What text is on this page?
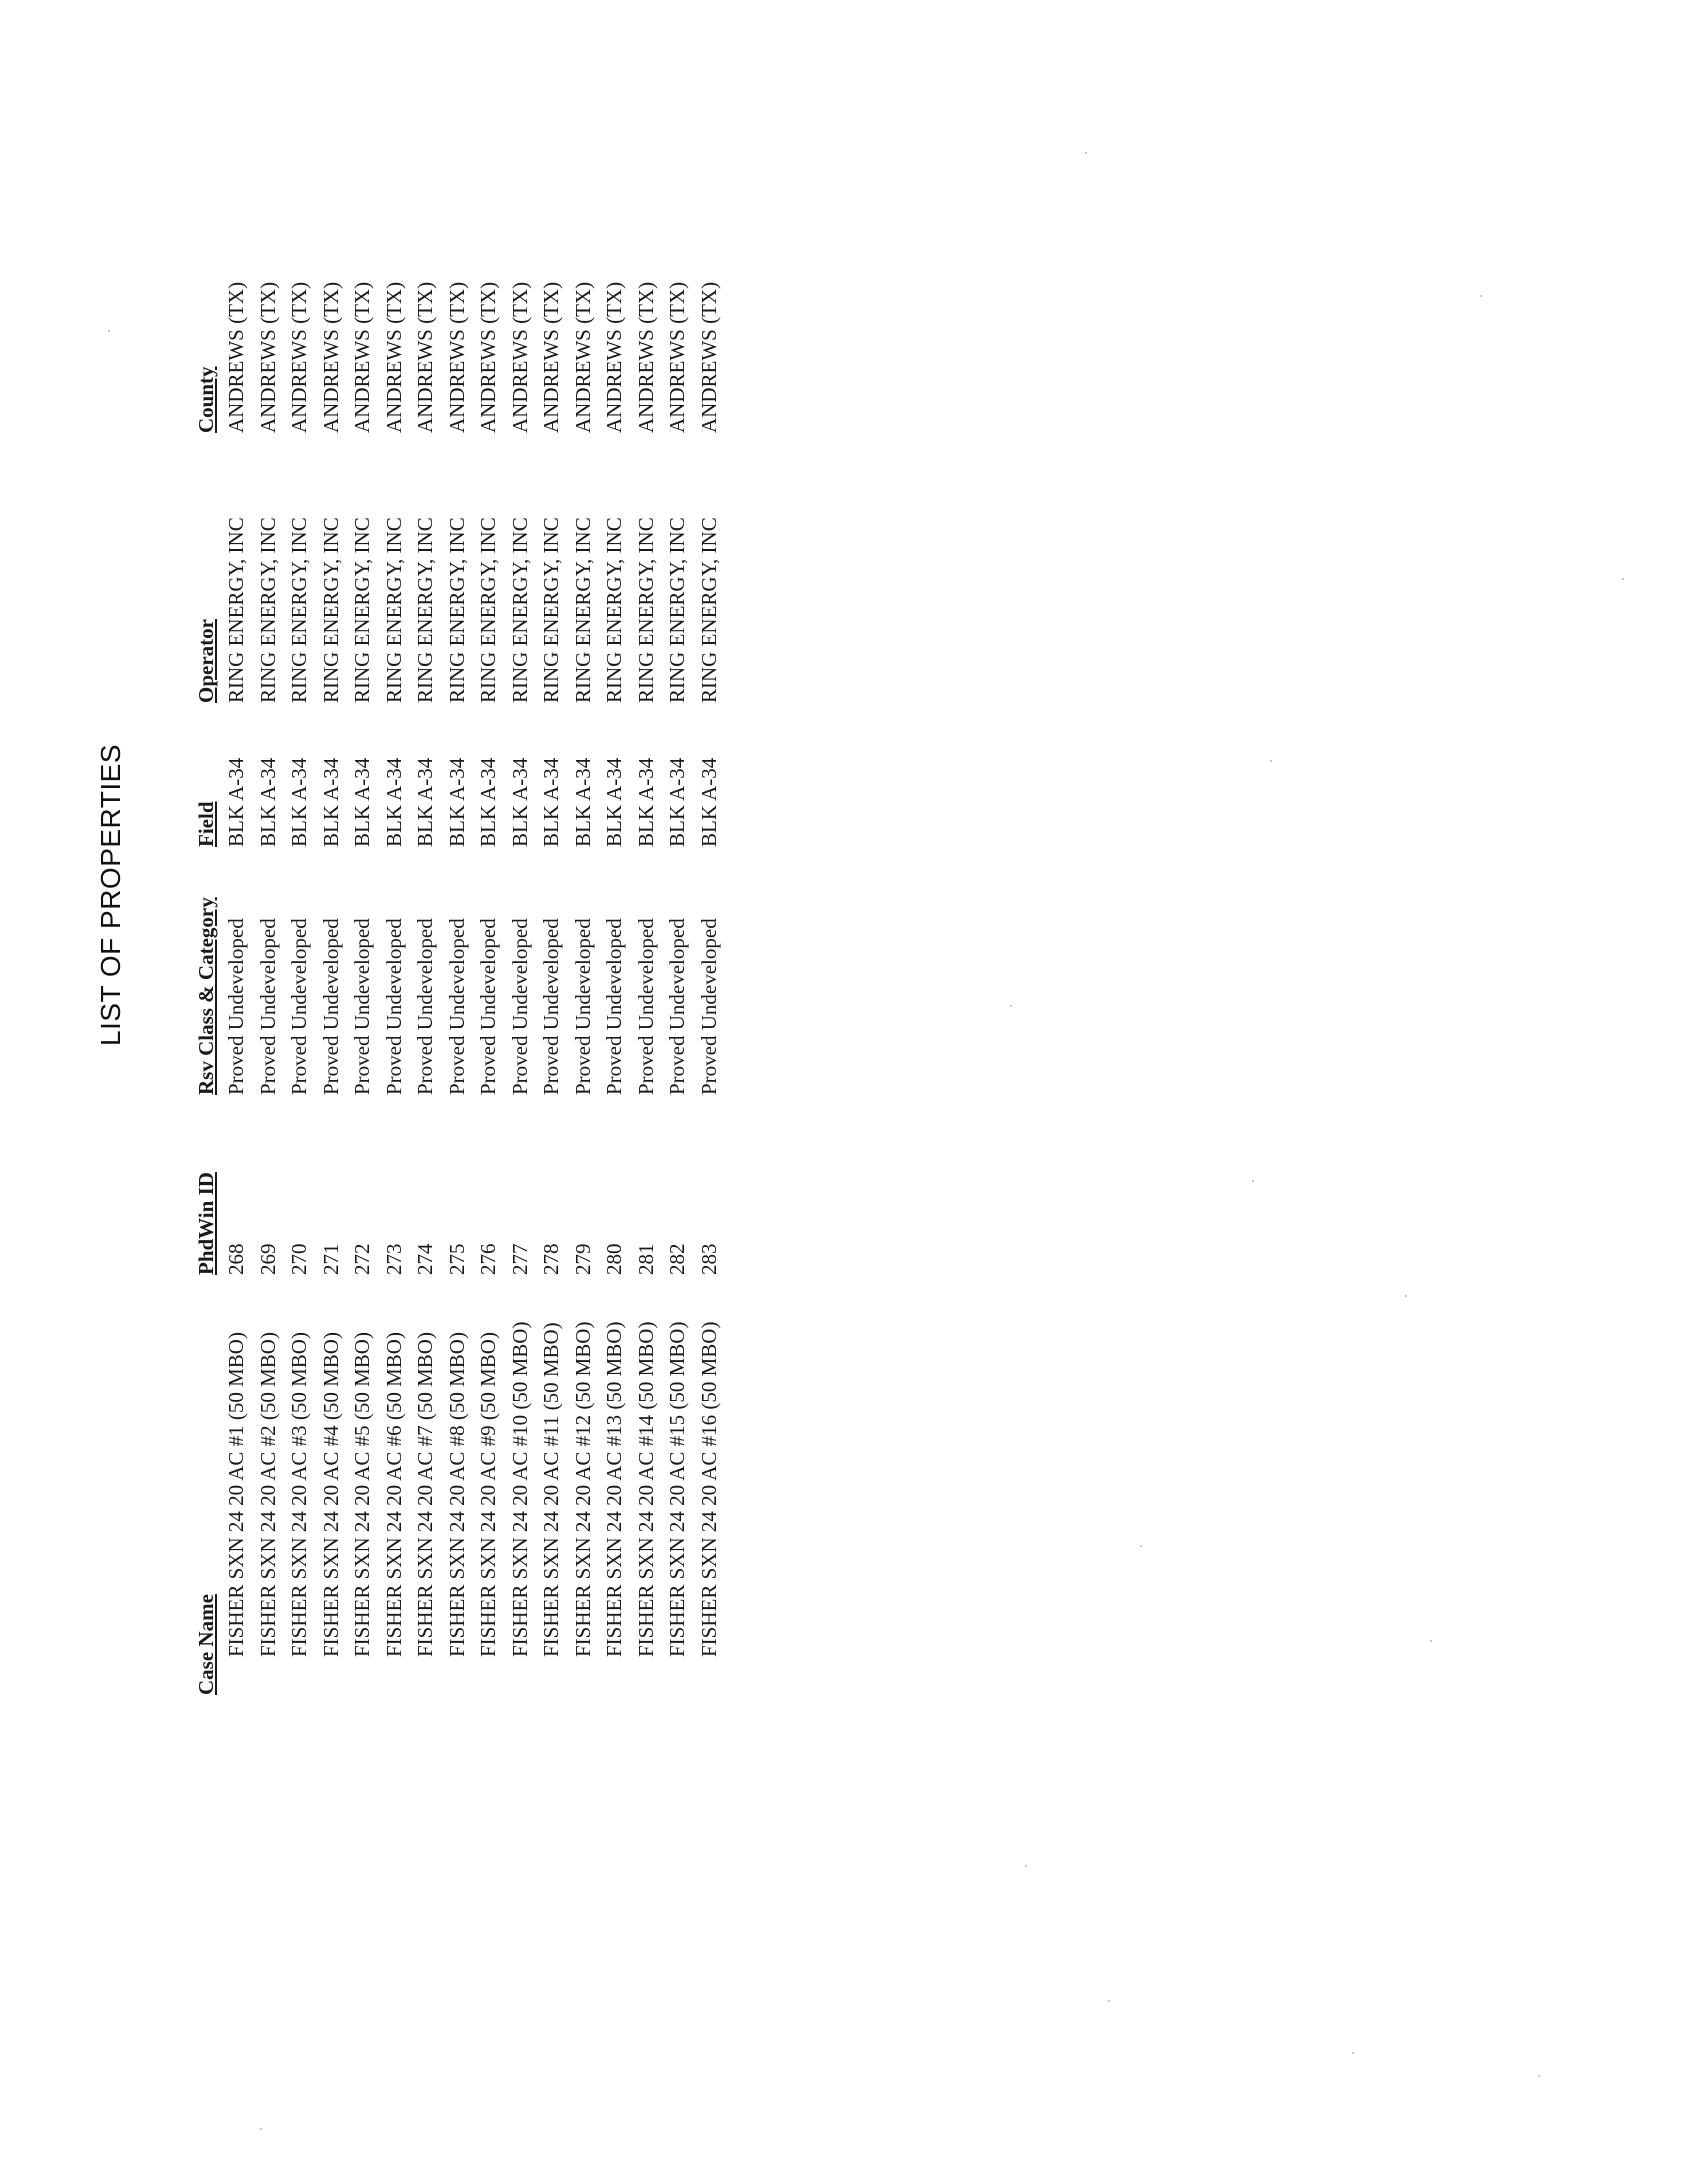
LIST OF PROPERTIES
Case Name	PhdWin ID	Rsv Class & Category	Field	Operator	County
FISHER SXN 24 20 AC #1 (50 MBO)	268	Proved Undeveloped	BLK A-34	RING ENERGY, INC	ANDREWS (TX)
FISHER SXN 24 20 AC #2 (50 MBO)	269	Proved Undeveloped	BLK A-34	RING ENERGY, INC	ANDREWS (TX)
FISHER SXN 24 20 AC #3 (50 MBO)	270	Proved Undeveloped	BLK A-34	RING ENERGY, INC	ANDREWS (TX)
FISHER SXN 24 20 AC #4 (50 MBO)	271	Proved Undeveloped	BLK A-34	RING ENERGY, INC	ANDREWS (TX)
FISHER SXN 24 20 AC #5 (50 MBO)	272	Proved Undeveloped	BLK A-34	RING ENERGY, INC	ANDREWS (TX)
FISHER SXN 24 20 AC #6 (50 MBO)	273	Proved Undeveloped	BLK A-34	RING ENERGY, INC	ANDREWS (TX)
FISHER SXN 24 20 AC #7 (50 MBO)	274	Proved Undeveloped	BLK A-34	RING ENERGY, INC	ANDREWS (TX)
FISHER SXN 24 20 AC #8 (50 MBO)	275	Proved Undeveloped	BLK A-34	RING ENERGY, INC	ANDREWS (TX)
FISHER SXN 24 20 AC #9 (50 MBO)	276	Proved Undeveloped	BLK A-34	RING ENERGY, INC	ANDREWS (TX)
FISHER SXN 24 20 AC #10 (50 MBO)	277	Proved Undeveloped	BLK A-34	RING ENERGY, INC	ANDREWS (TX)
FISHER SXN 24 20 AC #11 (50 MBO)	278	Proved Undeveloped	BLK A-34	RING ENERGY, INC	ANDREWS (TX)
FISHER SXN 24 20 AC #12 (50 MBO)	279	Proved Undeveloped	BLK A-34	RING ENERGY, INC	ANDREWS (TX)
FISHER SXN 24 20 AC #13 (50 MBO)	280	Proved Undeveloped	BLK A-34	RING ENERGY, INC	ANDREWS (TX)
FISHER SXN 24 20 AC #14 (50 MBO)	281	Proved Undeveloped	BLK A-34	RING ENERGY, INC	ANDREWS (TX)
FISHER SXN 24 20 AC #15 (50 MBO)	282	Proved Undeveloped	BLK A-34	RING ENERGY, INC	ANDREWS (TX)
FISHER SXN 24 20 AC #16 (50 MBO)	283	Proved Undeveloped	BLK A-34	RING ENERGY, INC	ANDREWS (TX)
